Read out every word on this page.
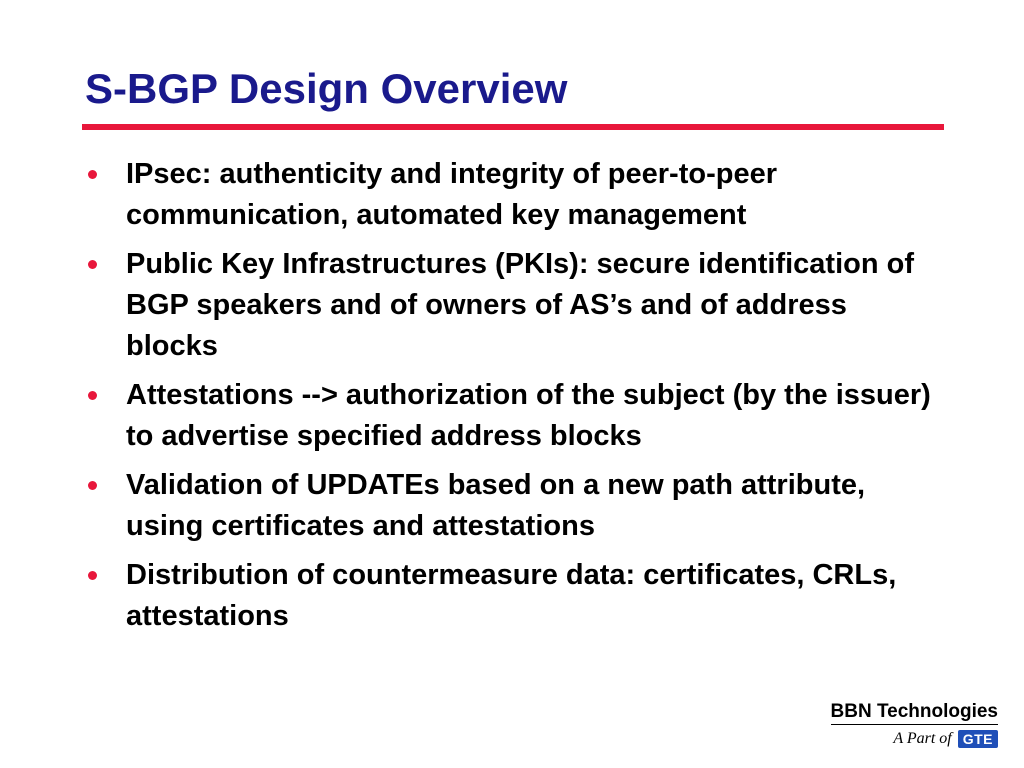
S-BGP Design Overview
IPsec: authenticity and integrity of peer-to-peer communication, automated key management
Public Key Infrastructures (PKIs): secure identification of BGP speakers and of owners of AS’s and of address blocks
Attestations --> authorization of the subject (by the issuer) to advertise specified address blocks
Validation of UPDATEs based on a new path attribute, using certificates and attestations
Distribution of countermeasure data: certificates, CRLs, attestations
BBN Technologies
A Part of GTE
